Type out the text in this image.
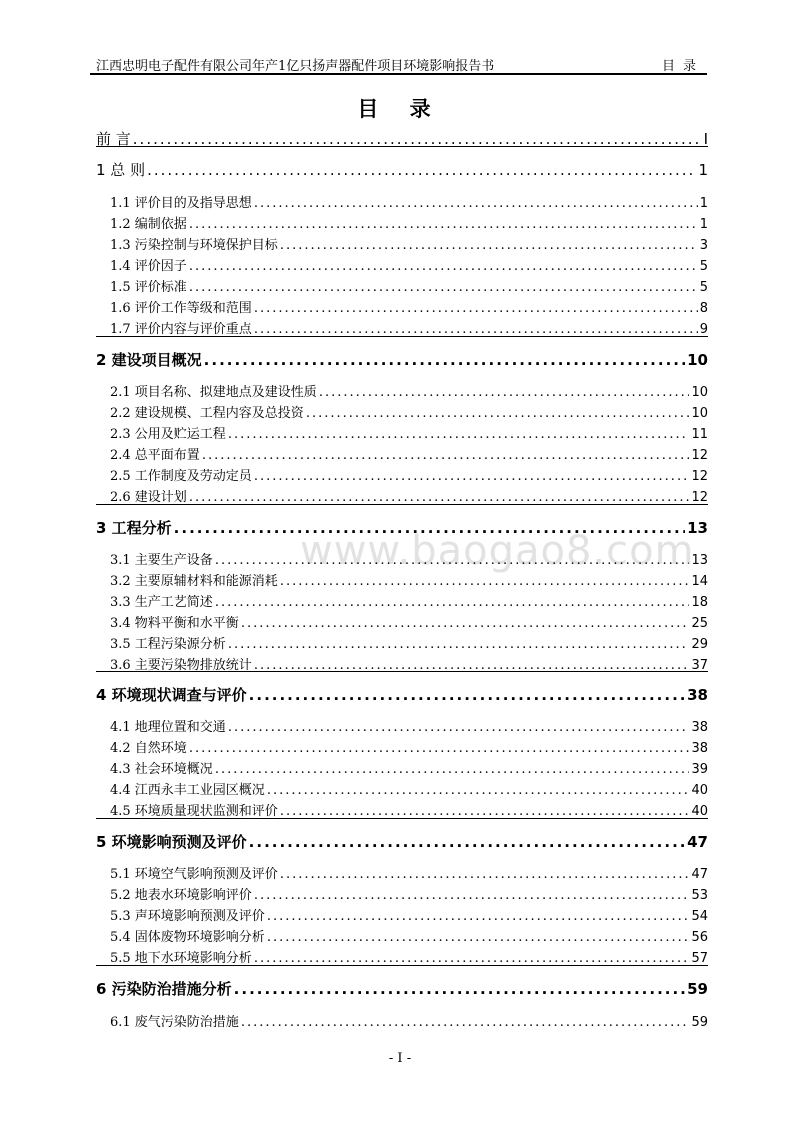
江西忠明电子配件有限公司年产1亿只扬声器配件项目环境影响报告书	目录
目 录
www.baogao8.com
前 言 .....	I
1 总 则 .....	1
1.1 评价目的及指导思想 .....	1
1.2 编制依据 .....	1
1.3 污染控制与环境保护目标 .....	3
1.4 评价因子 .....	5
1.5 评价标准 .....	5
1.6 评价工作等级和范围 .....	8
1.7 评价内容与评价重点 .....	9
2 建设项目概况 .....	10
2.1 项目名称、拟建地点及建设性质 .....	10
2.2 建设规模、工程内容及总投资 .....	10
2.3 公用及贮运工程 .....	11
2.4 总平面布置 .....	12
2.5 工作制度及劳动定员 .....	12
2.6 建设计划 .....	12
3 工程分析 .....	13
3.1 主要生产设备 .....	13
3.2 主要原辅材料和能源消耗 .....	14
3.3 生产工艺简述 .....	18
3.4 物料平衡和水平衡 .....	25
3.5 工程污染源分析 .....	29
3.6 主要污染物排放统计 .....	37
4 环境现状调查与评价 .....	38
4.1 地理位置和交通 .....	38
4.2 自然环境 .....	38
4.3 社会环境概况 .....	39
4.4 江西永丰工业园区概况 .....	40
4.5 环境质量现状监测和评价 .....	40
5 环境影响预测及评价 .....	47
5.1 环境空气影响预测及评价 .....	47
5.2 地表水环境影响评价 .....	53
5.3 声环境影响预测及评价 .....	54
5.4 固体废物环境影响分析 .....	56
5.5 地下水环境影响分析 .....	57
6 污染防治措施分析 .....	59
6.1 废气污染防治措施 .....	59
- I -
